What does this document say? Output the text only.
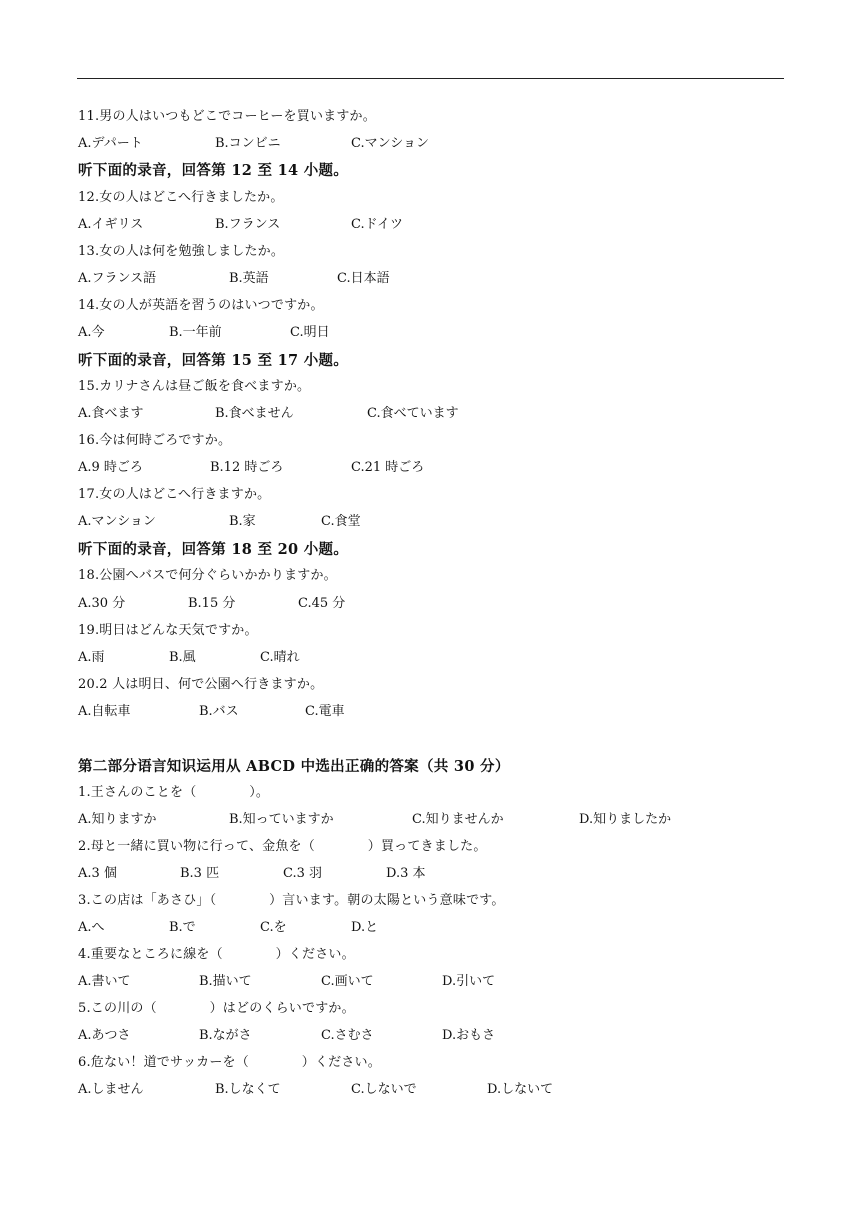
11.男の人はいつもどこでコーヒーを買いますか。
A.デパート	B.コンビニ	C.マンション
听下面的录音，回答第 12 至 14 小题。
12.女の人はどこへ行きましたか。
A.イギリス	B.フランス	C.ドイツ
13.女の人は何を勉強しましたか。
A.フランス語	B.英語	C.日本語
14.女の人が英語を習うのはいつですか。
A.今	B.一年前	C.明日
听下面的录音，回答第 15 至 17 小题。
15.カリナさんは昼ご飯を食べますか。
A.食べます	B.食べません	C.食べています
16.今は何時ごろですか。
A.9 時ごろ	B.12 時ごろ	C.21 時ごろ
17.女の人はどこへ行きますか。
A.マンション	B.家	C.食堂
听下面的录音，回答第 18 至 20 小题。
18.公園へバスで何分ぐらいかかりますか。
A.30 分	B.15 分	C.45 分
19.明日はどんな天気ですか。
A.雨	B.風	C.晴れ
20.2 人は明日、何で公園へ行きますか。
A.自転車	B.バス	C.電車
第二部分语言知识运用从 ABCD 中选出正确的答案（共 30 分）
1.王さんのことを（　　　　）。
A.知りますか	B.知っていますか	C.知りませんか	D.知りましたか
2.母と一緒に買い物に行って、金魚を（　　　　）買ってきました。
A.3 個	B.3 匹	C.3 羽	D.3 本
3.この店は「あさひ」（　　　　）言います。朝の太陽という意味です。
A.へ	B.で	C.を	D.と
4.重要なところに線を（　　　　）ください。
A.書いて	B.描いて	C.画いて	D.引いて
5.この川の（　　　　）はどのくらいですか。
A.あつさ	B.ながさ	C.さむさ	D.おもさ
6.危ない！道でサッカーを（　　　　）ください。
A.しません	B.しなくて	C.しないで	D.しないて
